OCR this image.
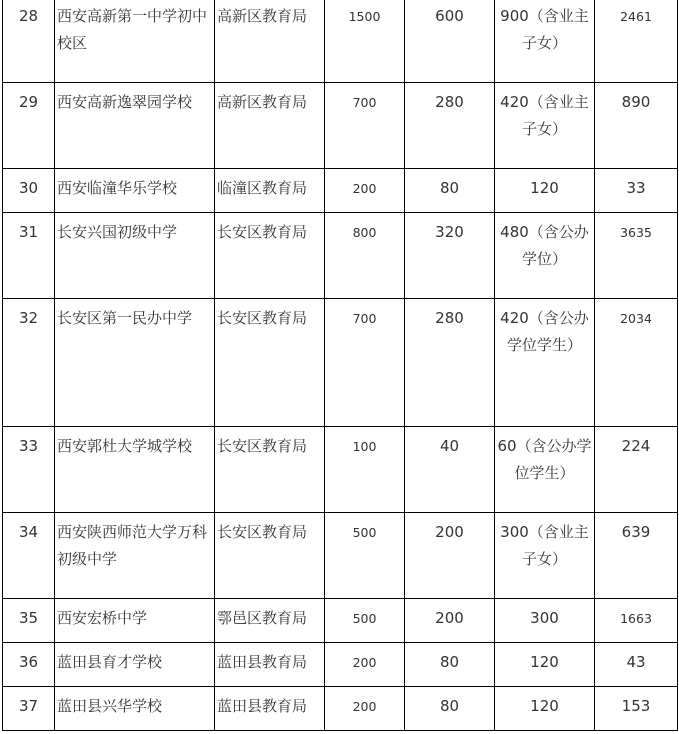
28	西安高新第一中学初中校区	高新区教育局	1500	600	900（含业主子女）	2461
29	西安高新逸翠园学校	高新区教育局	700	280	420（含业主子女）	890
30	西安临潼华乐学校	临潼区教育局	200	80	120	33
31	长安兴国初级中学	长安区教育局	800	320	480（含公办学位）	3635
32	长安区第一民办中学	长安区教育局	700	280	420（含公办学位学生）	2034
33	西安郭杜大学城学校	长安区教育局	100	40	60（含公办学位学生）	224
34	西安陕西师范大学万科初级中学	长安区教育局	500	200	300（含业主子女）	639
35	西安宏桥中学	鄠邑区教育局	500	200	300	1663
36	蓝田县育才学校	蓝田县教育局	200	80	120	43
37	蓝田县兴华学校	蓝田县教育局	200	80	120	153
